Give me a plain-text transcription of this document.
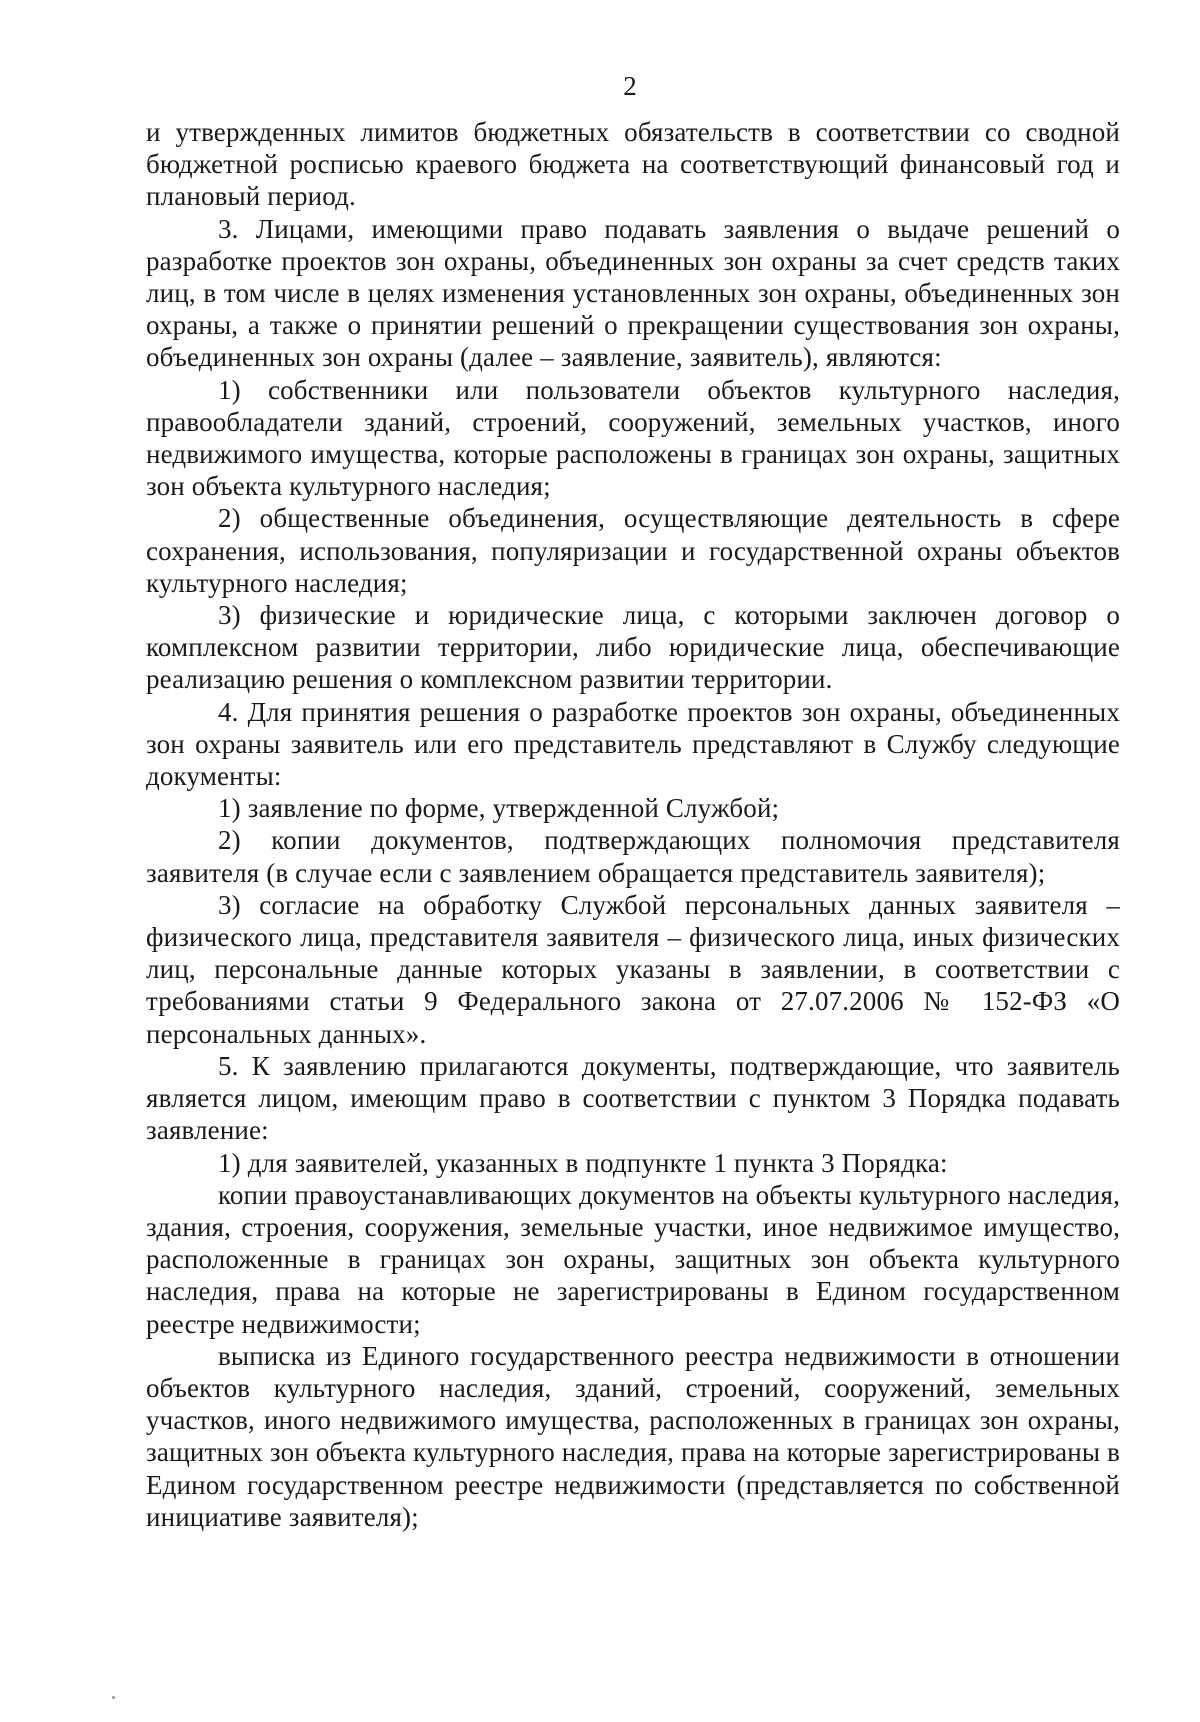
2

и утвержденных лимитов бюджетных обязательств в соответствии со сводной бюджетной росписью краевого бюджета на соответствующий финансовый год и плановый период.

3. Лицами, имеющими право подавать заявления о выдаче решений о разработке проектов зон охраны, объединенных зон охраны за счет средств таких лиц, в том числе в целях изменения установленных зон охраны, объединенных зон охраны, а также о принятии решений о прекращении существования зон охраны, объединенных зон охраны (далее – заявление, заявитель), являются:

1) собственники или пользователи объектов культурного наследия, правообладатели зданий, строений, сооружений, земельных участков, иного недвижимого имущества, которые расположены в границах зон охраны, защитных зон объекта культурного наследия;

2) общественные объединения, осуществляющие деятельность в сфере сохранения, использования, популяризации и государственной охраны объектов культурного наследия;

3) физические и юридические лица, с которыми заключен договор о комплексном развитии территории, либо юридические лица, обеспечивающие реализацию решения о комплексном развитии территории.

4. Для принятия решения о разработке проектов зон охраны, объединенных зон охраны заявитель или его представитель представляют в Службу следующие документы:

1) заявление по форме, утвержденной Службой;

2) копии документов, подтверждающих полномочия представителя заявителя (в случае если с заявлением обращается представитель заявителя);

3) согласие на обработку Службой персональных данных заявителя – физического лица, представителя заявителя – физического лица, иных физических лиц, персональные данные которых указаны в заявлении, в соответствии с требованиями статьи 9 Федерального закона от 27.07.2006 № 152-ФЗ «О персональных данных».

5. К заявлению прилагаются документы, подтверждающие, что заявитель является лицом, имеющим право в соответствии с пунктом 3 Порядка подавать заявление:

1) для заявителей, указанных в подпункте 1 пункта 3 Порядка:

копии правоустанавливающих документов на объекты культурного наследия, здания, строения, сооружения, земельные участки, иное недвижимое имущество, расположенные в границах зон охраны, защитных зон объекта культурного наследия, права на которые не зарегистрированы в Едином государственном реестре недвижимости;

выписка из Единого государственного реестра недвижимости в отношении объектов культурного наследия, зданий, строений, сооружений, земельных участков, иного недвижимого имущества, расположенных в границах зон охраны, защитных зон объекта культурного наследия, права на которые зарегистрированы в Едином государственном реестре недвижимости (представляется по собственной инициативе заявителя);
